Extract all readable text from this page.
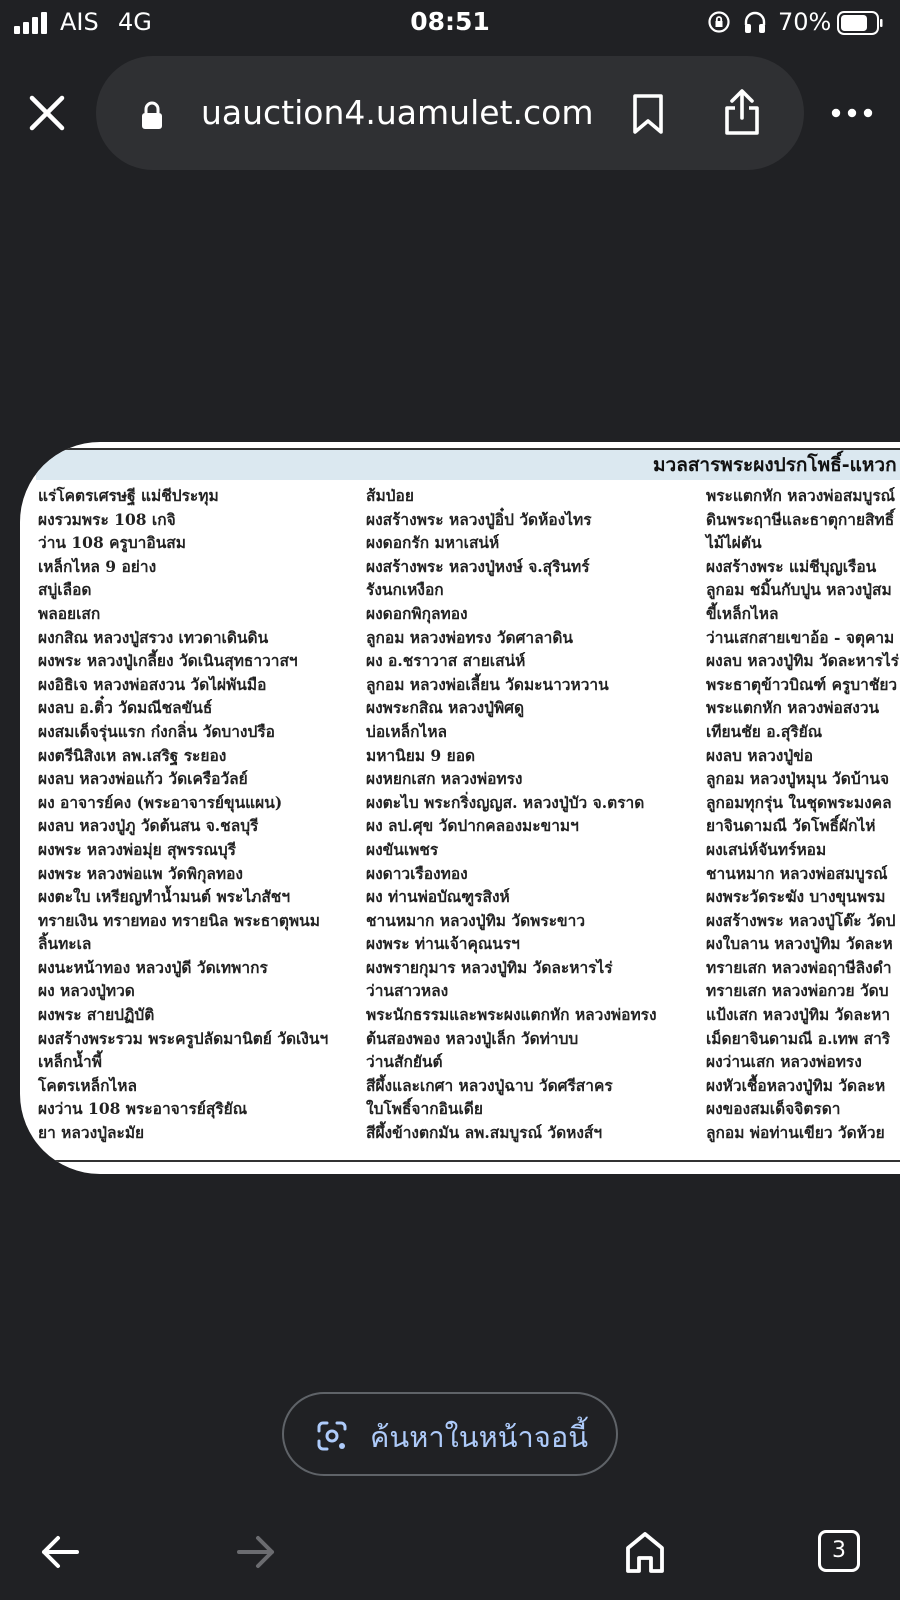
AIS 4G	08:51	70%
uauction4.uamulet.com
มวลสารพระผงปรกโพธิ์-แหวก
แร่โคตรเศรษฐี แม่ชีประทุม
ผงรวมพระ 108 เกจิ
ว่าน 108 ครูบาอินสม
เหล็กไหล 9 อย่าง
สบู่เลือด
พลอยเสก
ผงกสิณ หลวงปู่สรวง เทวดาเดินดิน
ผงพระ หลวงปู่เกลี้ยง วัดเนินสุทธาวาสฯ
ผงอิธิเจ หลวงพ่อสงวน วัดไผ่พันมือ
ผงลบ อ.ติ๋ว วัดมณีชลขันธ์
ผงสมเด็จรุ่นแรก ก๋งกลิ่น วัดบางปรือ
ผงตรีนิสิงเห ลพ.เสริฐ ระยอง
ผงลบ หลวงพ่อแก้ว วัดเครือวัลย์
ผง อาจารย์คง (พระอาจารย์ขุนแผน)
ผงลบ หลวงปู่ภู วัดต้นสน จ.ชลบุรี
ผงพระ หลวงพ่อมุ่ย สุพรรณบุรี
ผงพระ หลวงพ่อแพ วัดพิกุลทอง
ผงตะใบ เหรียญทำน้ำมนต์ พระไภสัชฯ
ทรายเงิน ทรายทอง ทรายนิล พระธาตุพนม
ลิ้นทะเล
ผงนะหน้าทอง หลวงปู่ดี วัดเทพากร
ผง หลวงปู่ทวด
ผงพระ สายปฏิบัติ
ผงสร้างพระรวม พระครูปลัดมานิตย์ วัดเงินฯ
เหล็กน้ำพี้
โคตรเหล็กไหล
ผงว่าน 108 พระอาจารย์สุริยัณ
ยา หลวงปู่ละมัย
ส้มป่อย
ผงสร้างพระ หลวงปู่อิ๋ป วัดห้องไทร
ผงดอกรัก มหาเสน่ห์
ผงสร้างพระ หลวงปู่หงษ์ จ.สุรินทร์
รังนกเหงือก
ผงดอกพิกุลทอง
ลูกอม หลวงพ่อทรง วัดศาลาดิน
ผง อ.ชราวาส สายเสน่ห์
ลูกอม หลวงพ่อเลี้ยน วัดมะนาวหวาน
ผงพระกสิณ หลวงปู่พิศดู
บ่อเหล็กไหล
มหานิยม 9 ยอด
ผงหยกเสก หลวงพ่อทรง
ผงตะไบ พระกริ่งญญส. หลวงปู่บัว จ.ตราด
ผง ลป.ศุข วัดปากคลองมะขามฯ
ผงขันเพชร
ผงดาวเรืองทอง
ผง ท่านพ่อบัณฑูรสิงห์
ชานหมาก หลวงปู่ทิม วัดพระขาว
ผงพระ ท่านเจ้าคุณนรฯ
ผงพรายกุมาร หลวงปู่ทิม วัดละหารไร่
ว่านสาวหลง
พระนักธรรมและพระผงแตกหัก หลวงพ่อทรง
ต้นสองพอง หลวงปู่เล็ก วัดท่าบบ
ว่านสักยันต์
สีผึ้งและเกศา หลวงปู่ฉาบ วัดศรีสาคร
ใบโพธิ์จากอินเดีย
สีผึ้งข้างตกมัน ลพ.สมบูรณ์ วัดหงส์ฯ
พระแตกหัก หลวงพ่อสมบูรณ์
ดินพระฤาษีและธาตุกายสิทธิ์
ไม้ไผ่ตัน
ผงสร้างพระ แม่ชีบุญเรือน
ลูกอม ชมิ้นกับปูน หลวงปู่สม
ขี้เหล็กไหล
ว่านเสกสายเขาอ้อ - จตุคาม
ผงลบ หลวงปู่ทิม วัดละหารไร่
พระธาตุข้าวบิณฑ์ ครูบาชัยว
พระแตกหัก หลวงพ่อสงวน
เทียนชัย อ.สุริยัณ
ผงลบ หลวงปู่ข่อ
ลูกอม หลวงปู่หมุน วัดบ้านจ
ลูกอมทุกรุ่น ในชุดพระมงคล
ยาจินดามณี วัดโพธิ์ผักไห่
ผงเสน่ห์จันทร์หอม
ชานหมาก หลวงพ่อสมบูรณ์
ผงพระวัดระฆัง บางขุนพรม
ผงสร้างพระ หลวงปู่โต๊ะ วัดป
ผงใบลาน หลวงปู่ทิม วัดละห
ทรายเสก หลวงพ่อฤาษีลิงดำ
ทรายเสก หลวงพ่อกวย วัดบ
แป้งเสก หลวงปู่ทิม วัดละหา
เม็ดยาจินดามณี อ.เทพ สาริ
ผงว่านเสก หลวงพ่อทรง
ผงหัวเชื้อหลวงปู่ทิม วัดละห
ผงของสมเด็จจิตรดา
ลูกอม พ่อท่านเขียว วัดห้วย
ค้นหาในหน้าจอนี้
3
